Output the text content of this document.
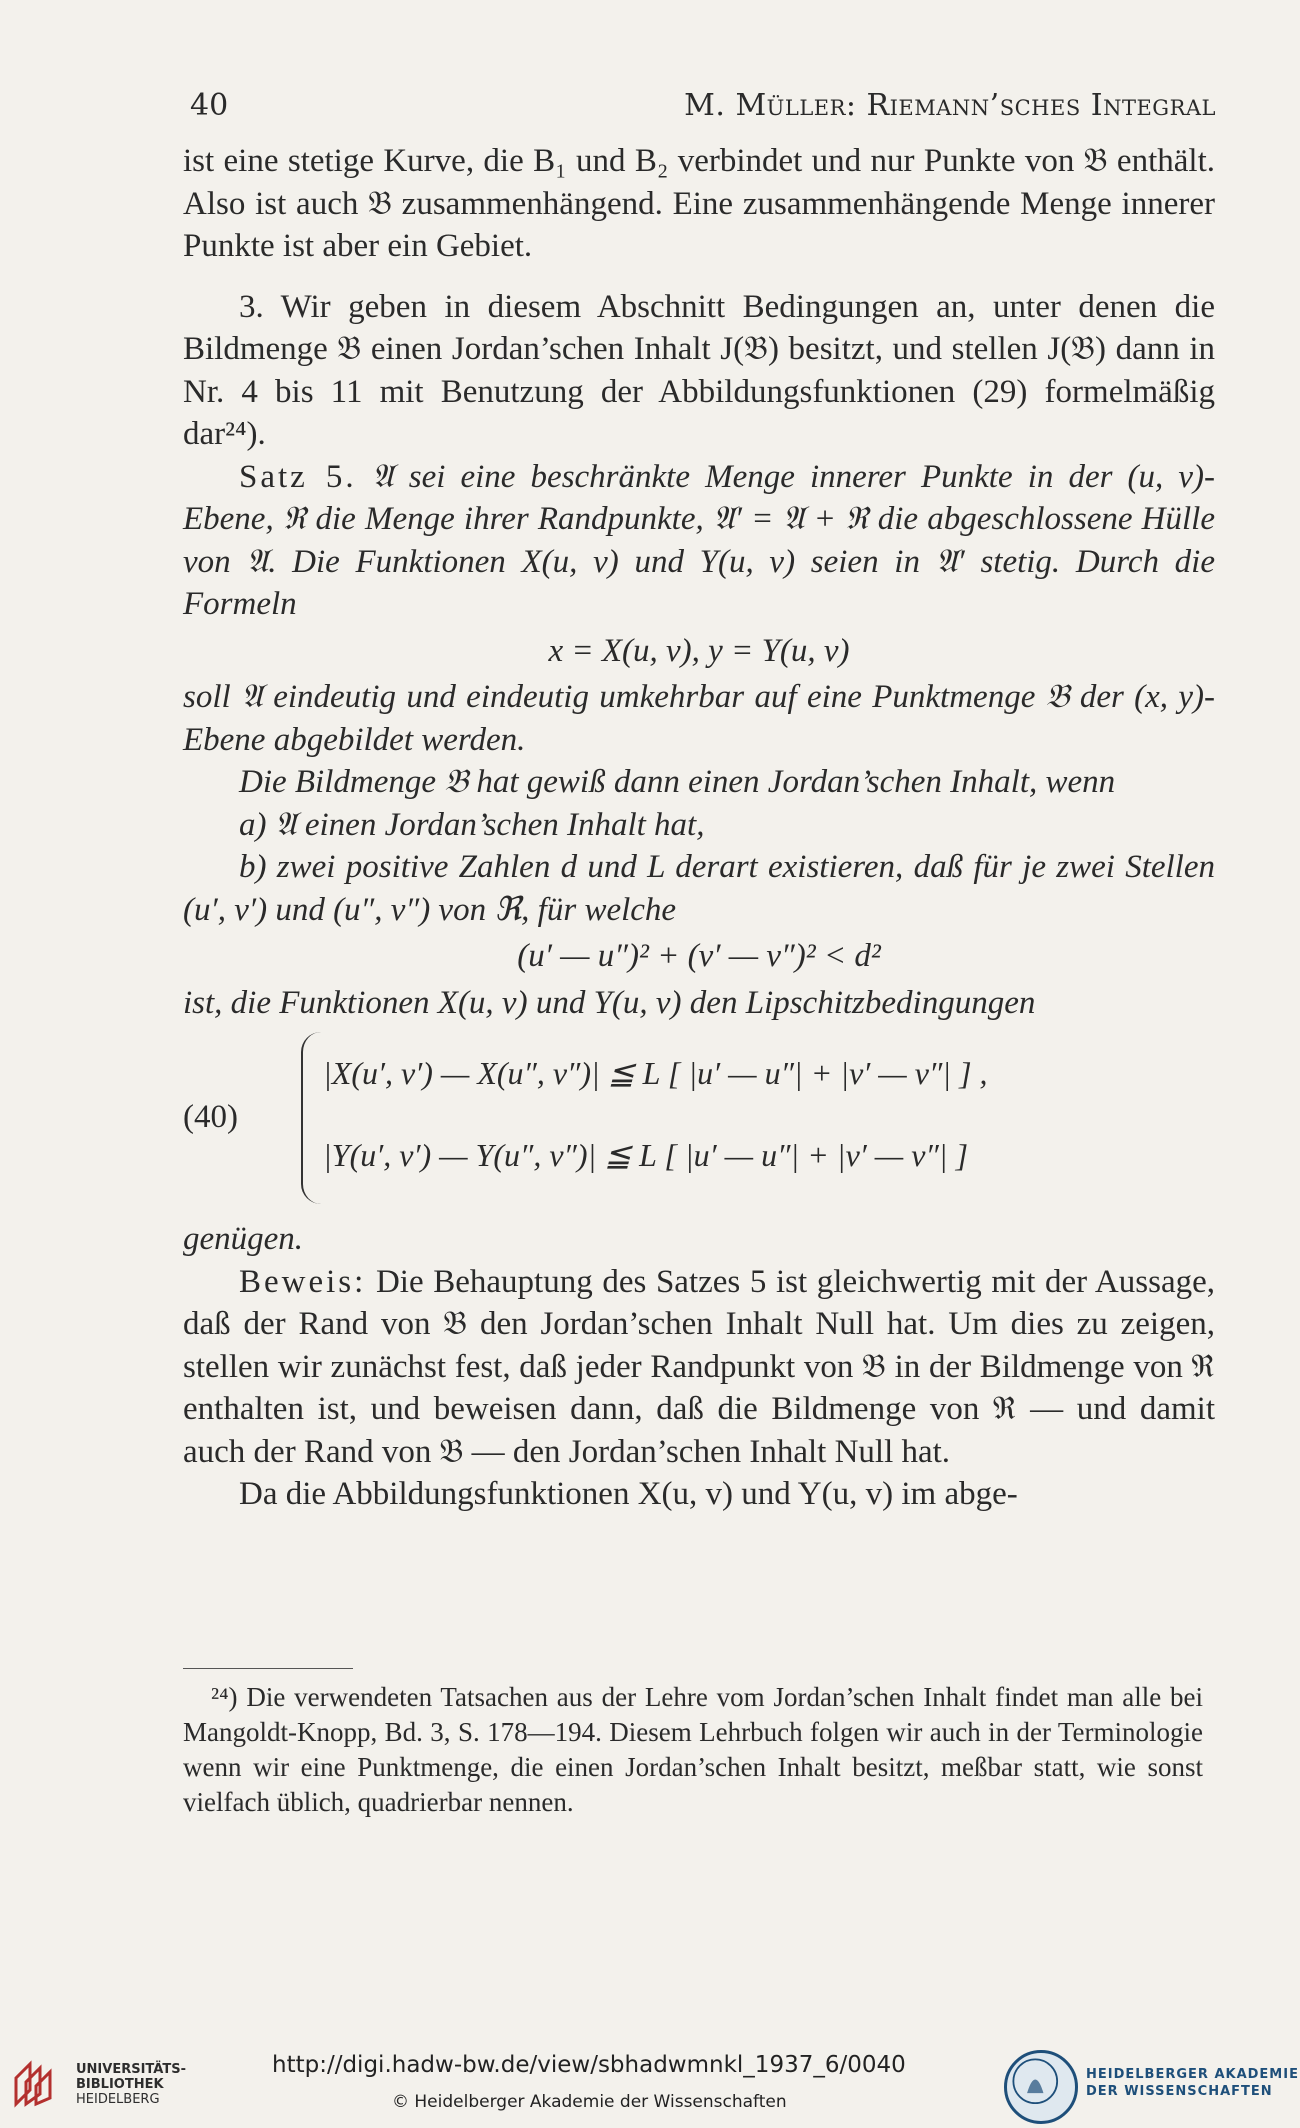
40	M. Müller: Riemann’sches Integral

ist eine stetige Kurve, die B₁ und B₂ verbindet und nur Punkte von 𝔅 enthält. Also ist auch 𝔅 zusammenhängend. Eine zusammenhängende Menge innerer Punkte ist aber ein Gebiet.

3. Wir geben in diesem Abschnitt Bedingungen an, unter denen die Bildmenge 𝔅 einen Jordan’schen Inhalt J(𝔅) besitzt, und stellen J(𝔅) dann in Nr. 4 bis 11 mit Benutzung der Abbildungsfunktionen (29) formelmäßig dar²⁴).

Satz 5. 𝔄 sei eine beschränkte Menge innerer Punkte in der (u, v)-Ebene, ℜ die Menge ihrer Randpunkte, 𝔄′ = 𝔄 + ℜ die abgeschlossene Hülle von 𝔄. Die Funktionen X(u, v) und Y(u, v) seien in 𝔄′ stetig. Durch die Formeln

x = X(u, v), y = Y(u, v)

soll 𝔄 eindeutig und eindeutig umkehrbar auf eine Punktmenge 𝔅 der (x, y)-Ebene abgebildet werden.

Die Bildmenge 𝔅 hat gewiß dann einen Jordan’schen Inhalt, wenn

a) 𝔄 einen Jordan’schen Inhalt hat,

b) zwei positive Zahlen d und L derart existieren, daß für je zwei Stellen (u′, v′) und (u″, v″) von ℜ, für welche

(u′ — u″)² + (v′ — v″)² < d²

ist, die Funktionen X(u, v) und Y(u, v) den Lipschitzbedingungen

(40)
|X(u′, v′) — X(u″, v″)| ≦ L [ |u′ — u″| + |v′ — v″| ] ,
|Y(u′, v′) — Y(u″, v″)| ≦ L [ |u′ — u″| + |v′ — v″| ]

genügen.

Beweis: Die Behauptung des Satzes 5 ist gleichwertig mit der Aussage, daß der Rand von 𝔅 den Jordan’schen Inhalt Null hat. Um dies zu zeigen, stellen wir zunächst fest, daß jeder Randpunkt von 𝔅 in der Bildmenge von ℜ enthalten ist, und beweisen dann, daß die Bildmenge von ℜ — und damit auch der Rand von 𝔅 — den Jordan’schen Inhalt Null hat.

Da die Abbildungsfunktionen X(u, v) und Y(u, v) im abge-

²⁴) Die verwendeten Tatsachen aus der Lehre vom Jordan’schen Inhalt findet man alle bei Mangoldt-Knopp, Bd. 3, S. 178—194. Diesem Lehrbuch folgen wir auch in der Terminologie wenn wir eine Punktmenge, die einen Jordan’schen Inhalt besitzt, meßbar statt, wie sonst vielfach üblich, quadrierbar nennen.

UNIVERSITÄTS-
BIBLIOTHEK
HEIDELBERG
http://digi.hadw-bw.de/view/sbhadwmnkl_1937_6/0040
© Heidelberger Akademie der Wissenschaften
HEIDELBERGER AKADEMIE
DER WISSENSCHAFTEN
